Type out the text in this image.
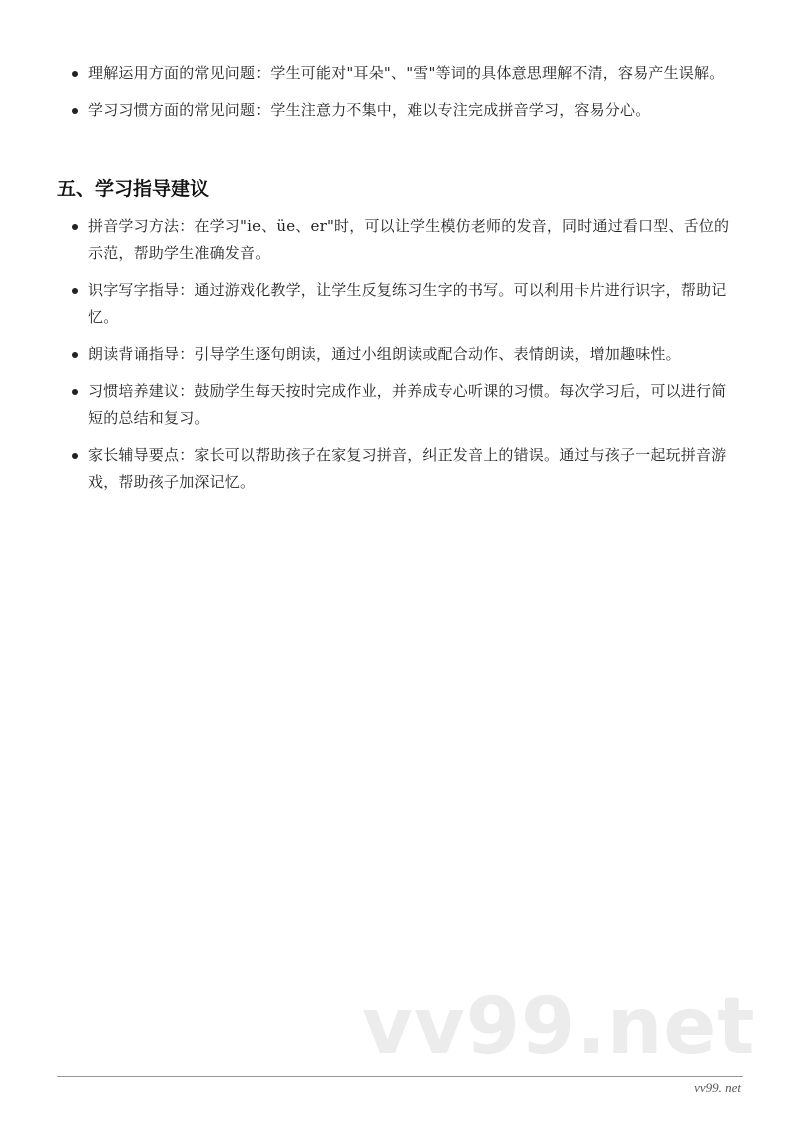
理解运用方面的常见问题：学生可能对"耳朵"、"雪"等词的具体意思理解不清，容易产生误解。
学习习惯方面的常见问题：学生注意力不集中，难以专注完成拼音学习，容易分心。
五、学习指导建议
拼音学习方法：在学习"ie、üe、er"时，可以让学生模仿老师的发音，同时通过看口型、舌位的示范，帮助学生准确发音。
识字写字指导：通过游戏化教学，让学生反复练习生字的书写。可以利用卡片进行识字，帮助记忆。
朗读背诵指导：引导学生逐句朗读，通过小组朗读或配合动作、表情朗读，增加趣味性。
习惯培养建议：鼓励学生每天按时完成作业，并养成专心听课的习惯。每次学习后，可以进行简短的总结和复习。
家长辅导要点：家长可以帮助孩子在家复习拼音，纠正发音上的错误。通过与孩子一起玩拼音游戏，帮助孩子加深记忆。
vv99.net
vv99. net
